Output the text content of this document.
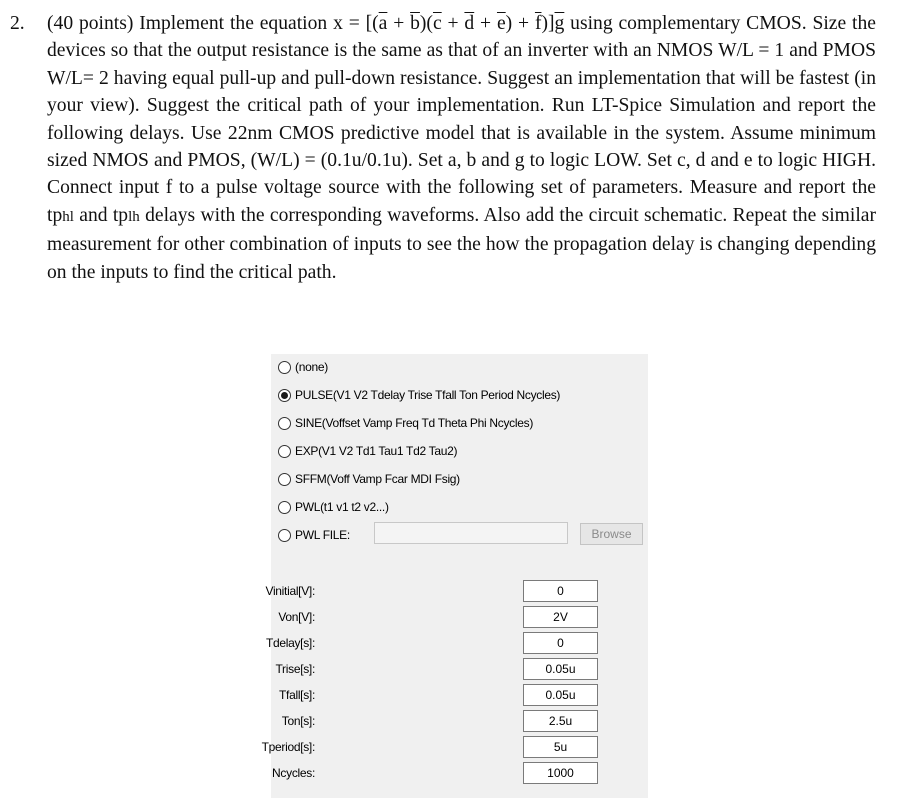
2. (40 points) Implement the equation $x = [(\overline{a} + \overline{b})(\overline{c} + \overline{d} + \overline{e}) + \overline{f})]\overline{g}$ using complementary CMOS. Size the devices so that the output resistance is the same as that of an inverter with an NMOS W/L = 1 and PMOS W/L= 2 having equal pull-up and pull-down resistance. Suggest an implementation that will be fastest (in your view). Suggest the critical path of your implementation. Run LT-Spice Simulation and report the following delays. Use 22nm CMOS predictive model that is available in the system. Assume minimum sized NMOS and PMOS, (W/L) = (0.1u/0.1u). Set a, b and g to logic LOW. Set c, d and e to logic HIGH. Connect input f to a pulse voltage source with the following set of parameters. Measure and report the tphl and tplh delays with the corresponding waveforms. Also add the circuit schematic. Repeat the similar measurement for other combination of inputs to see the how the propagation delay is changing depending on the inputs to find the critical path.
(none)
PULSE(V1 V2 Tdelay Trise Tfall Ton Period Ncycles)
SINE(Voffset Vamp Freq Td Theta Phi Ncycles)
EXP(V1 V2 Td1 Tau1 Td2 Tau2)
SFFM(Voff Vamp Fcar MDI Fsig)
PWL(t1 v1 t2 v2...)
PWL FILE:	Browse
Vinitial[V]:	0
Von[V]:	2V
Tdelay[s]:	0
Trise[s]:	0.05u
Tfall[s]:	0.05u
Ton[s]:	2.5u
Tperiod[s]:	5u
Ncycles:	1000
